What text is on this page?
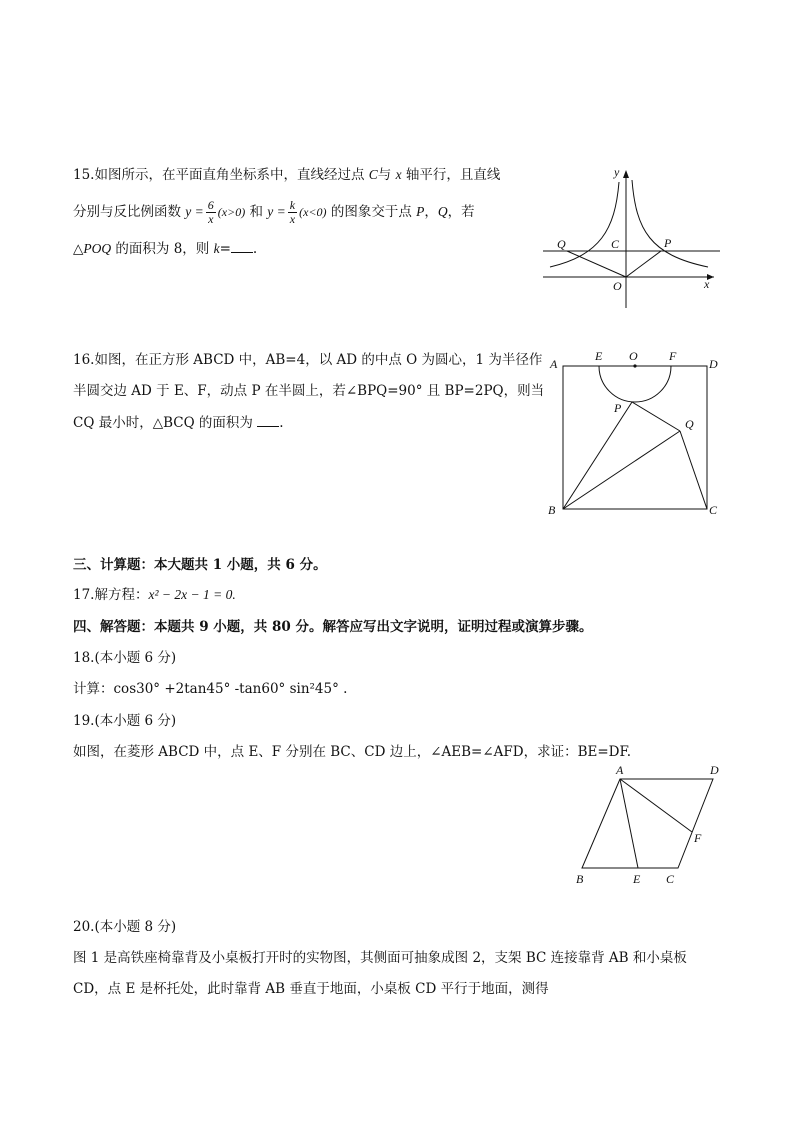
15.如图所示，在平面直角坐标系中，直线经过点 C与 x 轴平行，且直线
分别与反比例函数 $y = \frac{6}{x} (x>0)$ 和 $y = \frac{k}{x} (x<0)$ 的图象交于点 P，Q，若
△POQ 的面积为 8，则 k= .
y
x
O
Q	C	P
16.如图，在正方形 ABCD 中，AB=4，以 AD 的中点 O 为圆心，1 为半径作
半圆交边 AD 于 E、F，动点 P 在半圆上，若∠BPQ=90° 且 BP=2PQ，则当
CQ 最小时，△BCQ 的面积为 .
A
E O	F
D
P
Q
B	C
三、计算题：本大题共 1 小题，共 6 分。
17.解方程：x² − 2x − 1 = 0.
四、解答题：本题共 9 小题，共 80 分。解答应写出文字说明，证明过程或演算步骤。
18.(本小题 6 分)
计算：cos30° +2tan45° -tan60° sin²45° .
19.(本小题 6 分)
如图，在菱形 ABCD 中，点 E、F 分别在 BC、CD 边上，∠AEB=∠AFD，求证：BE=DF.
A	D
F
B	E C
20.(本小题 8 分)
图 1 是高铁座椅靠背及小桌板打开时的实物图，其侧面可抽象成图 2，支架 BC 连接靠背 AB 和小桌板
CD，点 E 是杯托处，此时靠背 AB 垂直于地面，小桌板 CD 平行于地面，测得
